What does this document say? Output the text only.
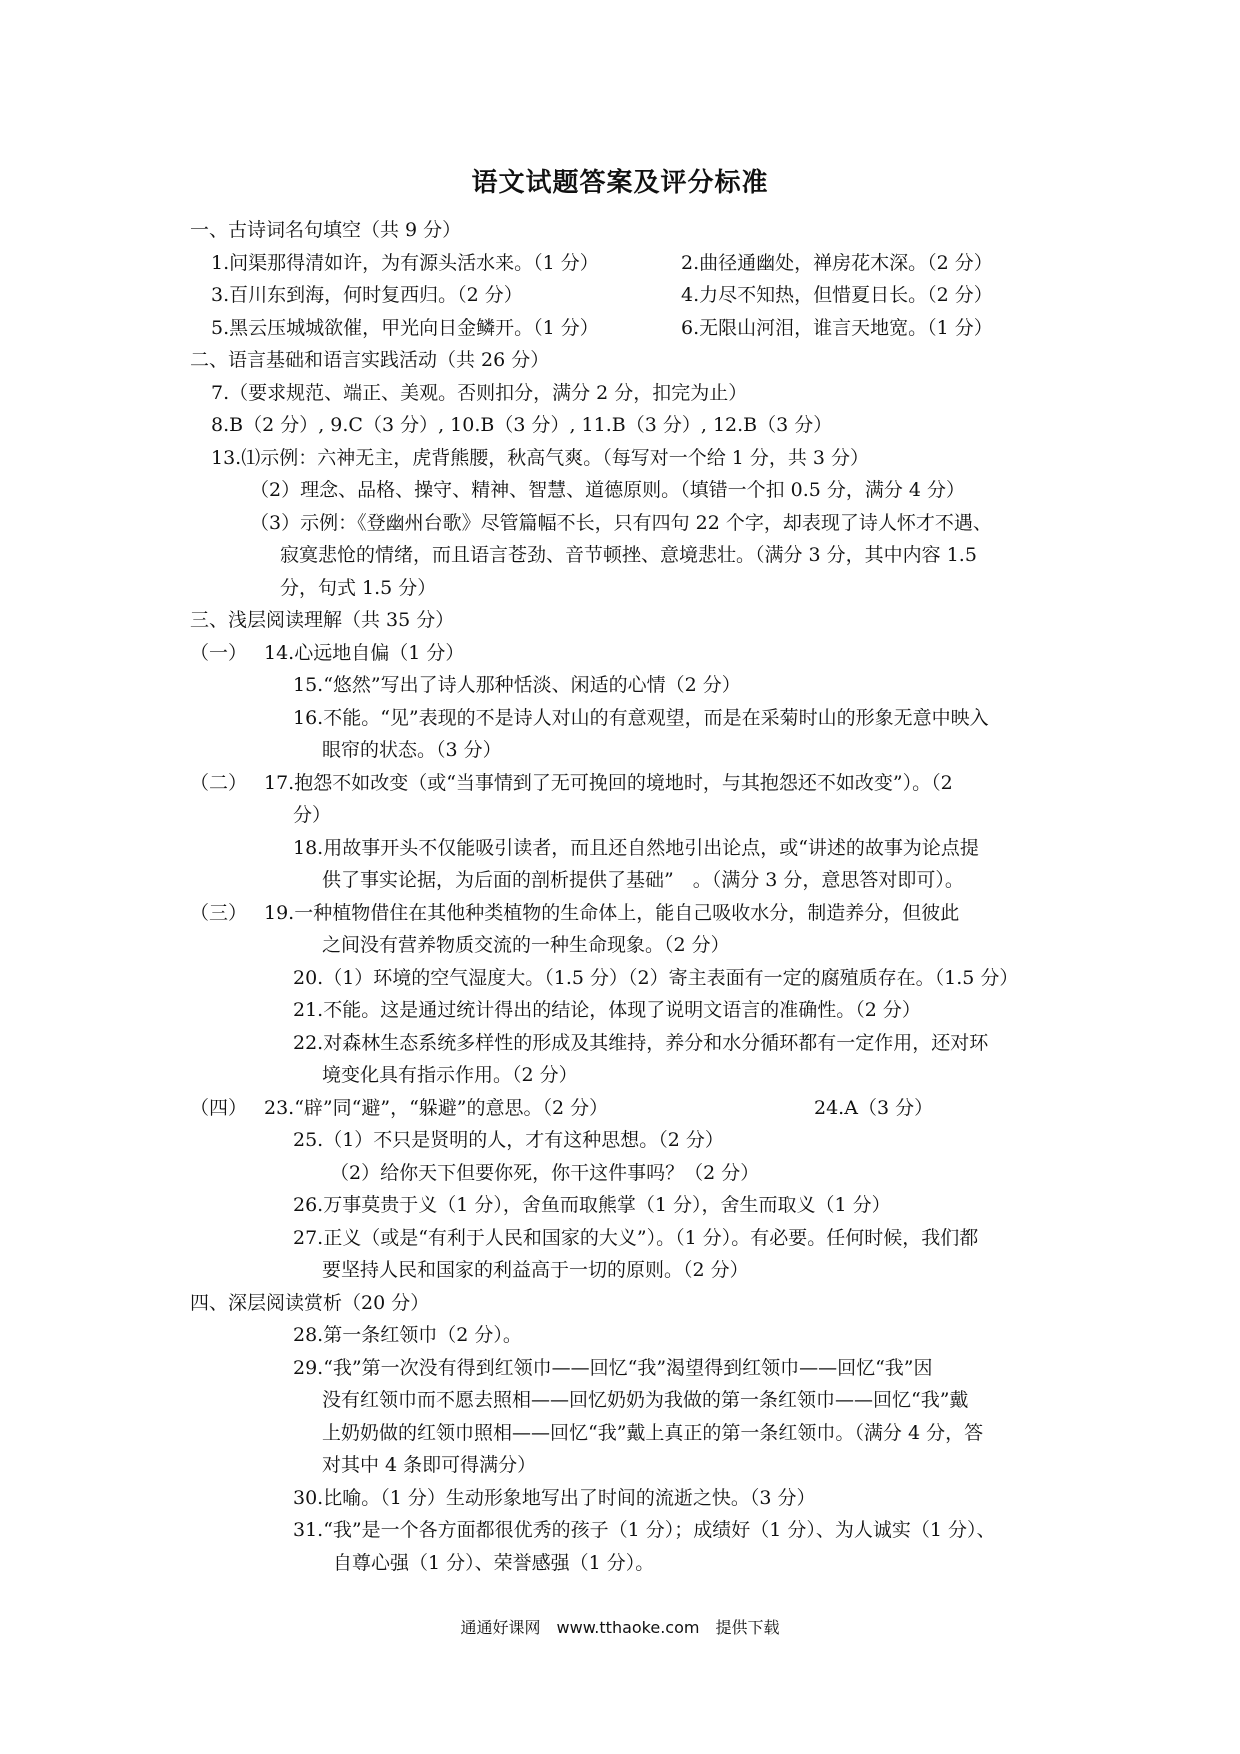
语文试题答案及评分标准
一、古诗词名句填空（共 9 分）
1.问渠那得清如许，为有源头活水来。（1 分）	2.曲径通幽处，禅房花木深。（2 分）
3.百川东到海，何时复西归。（2 分）	4.力尽不知热，但惜夏日长。（2 分）
5.黑云压城城欲催，甲光向日金鳞开。（1 分）	6.无限山河泪，谁言天地宽。（1 分）
二、语言基础和语言实践活动（共 26 分）
7.（要求规范、端正、美观。否则扣分，满分 2 分，扣完为止）
8.B（2 分）, 9.C（3 分）, 10.B（3 分）, 11.B（3 分）, 12.B（3 分）
13.⑴示例：六神无主，虎背熊腰，秋高气爽。（每写对一个给 1 分，共 3 分）
（2）理念、品格、操守、精神、智慧、道德原则。（填错一个扣 0.5 分，满分 4 分）
（3）示例：《登幽州台歌》尽管篇幅不长，只有四句 22 个字，却表现了诗人怀才不遇、
寂寞悲怆的情绪，而且语言苍劲、音节顿挫、意境悲壮。（满分 3 分，其中内容 1.5
分，句式 1.5 分）
三、浅层阅读理解（共 35 分）
（一） 14.心远地自偏（1 分）
15.“悠然”写出了诗人那种恬淡、闲适的心情（2 分）
16.不能。“见”表现的不是诗人对山的有意观望，而是在采菊时山的形象无意中映入
眼帘的状态。（3 分）
（二） 17.抱怨不如改变（或“当事情到了无可挽回的境地时，与其抱怨还不如改变”）。（2
分）
18.用故事开头不仅能吸引读者，而且还自然地引出论点，或“讲述的故事为论点提
供了事实论据，为后面的剖析提供了基础”　。（满分 3 分，意思答对即可）。
（三） 19.一种植物借住在其他种类植物的生命体上，能自己吸收水分，制造养分，但彼此
之间没有营养物质交流的一种生命现象。（2 分）
20.（1）环境的空气湿度大。（1.5 分）（2）寄主表面有一定的腐殖质存在。（1.5 分）
21.不能。这是通过统计得出的结论，体现了说明文语言的准确性。（2 分）
22.对森林生态系统多样性的形成及其维持，养分和水分循环都有一定作用，还对环
境变化具有指示作用。（2 分）
（四） 23.“辟”同“避”，“躲避”的意思。（2 分）	24.A（3 分）
25.（1）不只是贤明的人，才有这种思想。（2 分）
（2）给你天下但要你死，你干这件事吗？（2 分）
26.万事莫贵于义（1 分），舍鱼而取熊掌（1 分），舍生而取义（1 分）
27.正义（或是“有利于人民和国家的大义”）。（1 分）。有必要。任何时候，我们都
要坚持人民和国家的利益高于一切的原则。（2 分）
四、深层阅读赏析（20 分）
28.第一条红领巾（2 分）。
29.“我”第一次没有得到红领巾——回忆“我”渴望得到红领巾——回忆“我”因
没有红领巾而不愿去照相——回忆奶奶为我做的第一条红领巾——回忆“我”戴
上奶奶做的红领巾照相——回忆“我”戴上真正的第一条红领巾。（满分 4 分，答
对其中 4 条即可得满分）
30.比喻。（1 分）生动形象地写出了时间的流逝之快。（3 分）
31.“我”是一个各方面都很优秀的孩子（1 分）；成绩好（1 分）、为人诚实（1 分）、
自尊心强（1 分）、荣誉感强（1 分）。
通通好课网　www.tthaoke.com　提供下载
